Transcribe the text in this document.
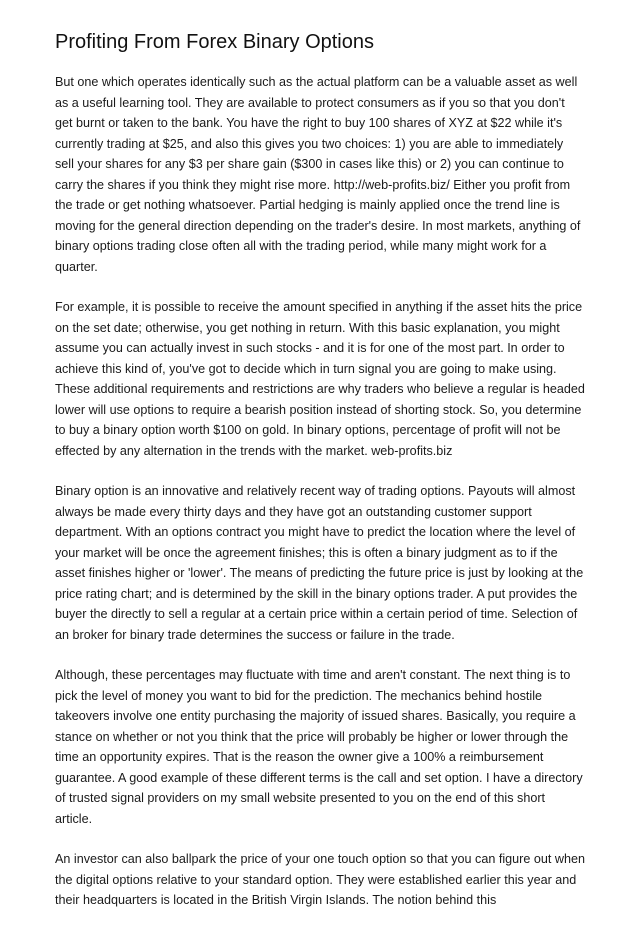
Profiting From Forex Binary Options

But one which operates identically such as the actual platform can be a valuable asset as well as a useful learning tool. They are available to protect consumers as if you so that you don't get burnt or taken to the bank. You have the right to buy 100 shares of XYZ at $22 while it's currently trading at $25, and also this gives you two choices: 1) you are able to immediately sell your shares for any $3 per share gain ($300 in cases like this) or 2) you can continue to carry the shares if you think they might rise more. http://web-profits.biz/ Either you profit from the trade or get nothing whatsoever. Partial hedging is mainly applied once the trend line is moving for the general direction depending on the trader's desire. In most markets, anything of binary options trading close often all with the trading period, while many might work for a quarter.

For example, it is possible to receive the amount specified in anything if the asset hits the price on the set date; otherwise, you get nothing in return. With this basic explanation, you might assume you can actually invest in such stocks - and it is for one of the most part. In order to achieve this kind of, you've got to decide which in turn signal you are going to make using. These additional requirements and restrictions are why traders who believe a regular is headed lower will use options to require a bearish position instead of shorting stock. So, you determine to buy a binary option worth $100 on gold. In binary options, percentage of profit will not be effected by any alternation in the trends with the market. web-profits.biz

Binary option is an innovative and relatively recent way of trading options. Payouts will almost always be made every thirty days and they have got an outstanding customer support department. With an options contract you might have to predict the location where the level of your market will be once the agreement finishes; this is often a binary judgment as to if the asset finishes higher or 'lower'. The means of predicting the future price is just by looking at the price rating chart; and is determined by the skill in the binary options trader. A put provides the buyer the directly to sell a regular at a certain price within a certain period of time. Selection of an broker for binary trade determines the success or failure in the trade.

Although, these percentages may fluctuate with time and aren't constant. The next thing is to pick the level of money you want to bid for the prediction. The mechanics behind hostile takeovers involve one entity purchasing the majority of issued shares. Basically, you require a stance on whether or not you think that the price will probably be higher or lower through the time an opportunity expires. That is the reason the owner give a 100% a reimbursement guarantee. A good example of these different terms is the call and set option. I have a directory of trusted signal providers on my small website presented to you on the end of this short article.

An investor can also ballpark the price of your one touch option so that you can figure out when the digital options relative to your standard option. They were established earlier this year and their headquarters is located in the British Virgin Islands. The notion behind this
